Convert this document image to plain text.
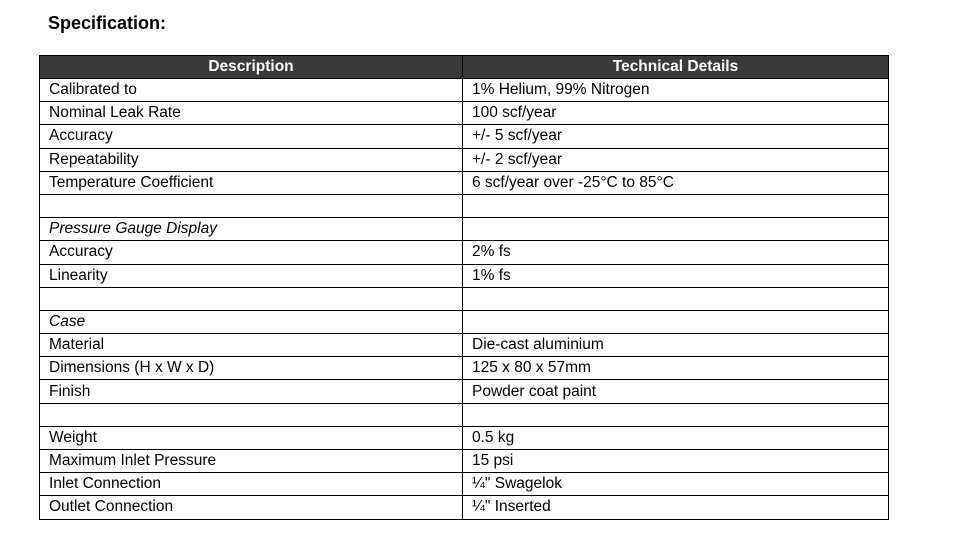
Specification:
Description	Technical Details
Calibrated to	1% Helium, 99% Nitrogen
Nominal Leak Rate	100 scf/year
Accuracy	+/- 5 scf/year
Repeatability	+/- 2 scf/year
Temperature Coefficient	6 scf/year over -25°C to 85°C

Pressure Gauge Display	
Accuracy	2% fs
Linearity	1% fs

Case	
Material	Die-cast aluminium
Dimensions (H x W x D)	125 x 80 x 57mm
Finish	Powder coat paint

Weight	0.5 kg
Maximum Inlet Pressure	15 psi
Inlet Connection	¼" Swagelok
Outlet Connection	¼" Inserted
